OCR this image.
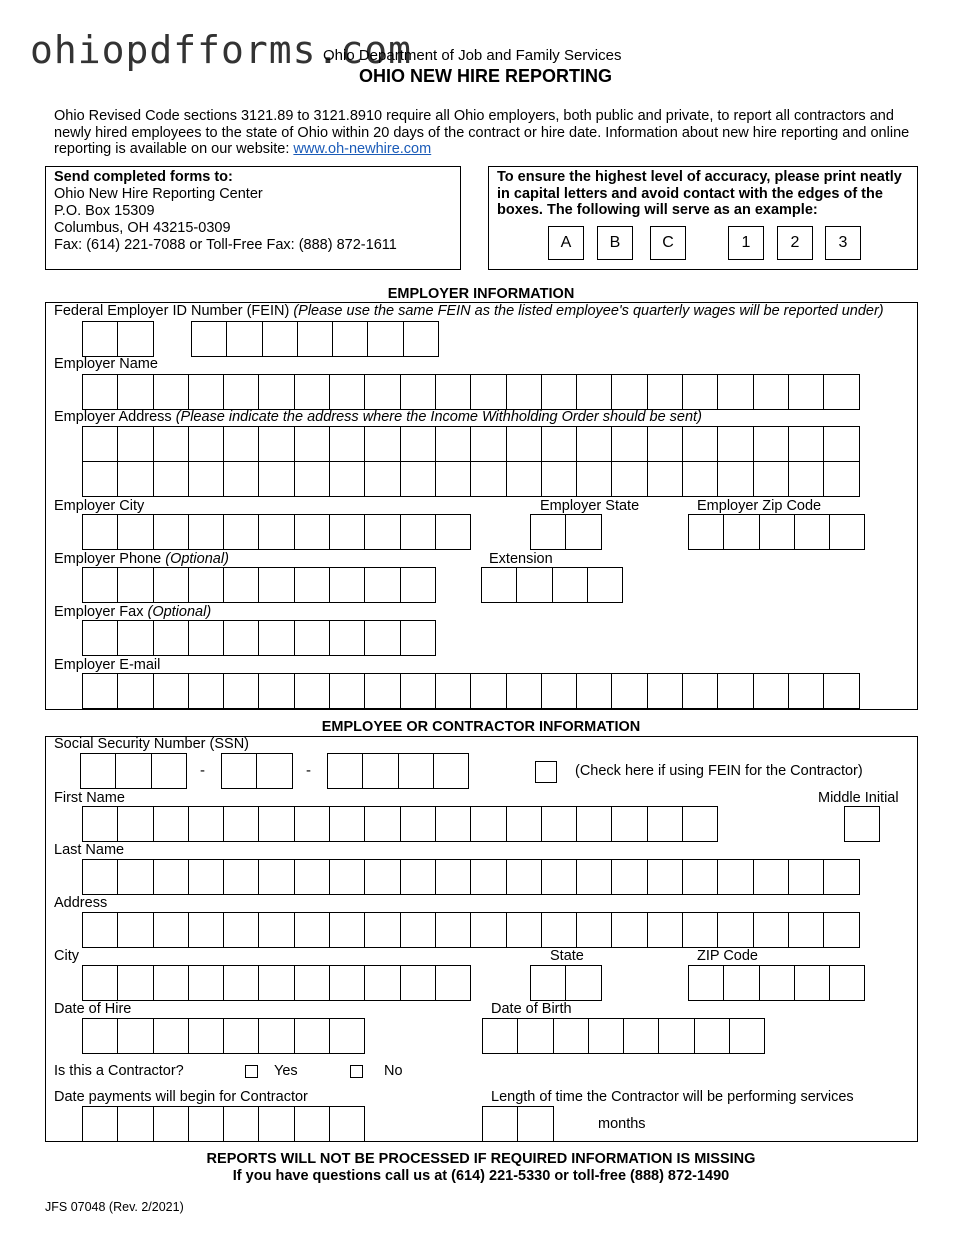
ohiopdfforms.com
Ohio Department of Job and Family Services
OHIO NEW HIRE REPORTING
Ohio Revised Code sections 3121.89 to 3121.8910 require all Ohio employers, both public and private, to report all contractors and newly hired employees to the state of Ohio within 20 days of the contract or hire date. Information about new hire reporting and online reporting is available on our website: www.oh-newhire.com
Send completed forms to:
Ohio New Hire Reporting Center
P.O. Box 15309
Columbus, OH 43215-0309
Fax: (614) 221-7088 or Toll-Free Fax: (888) 872-1611
To ensure the highest level of accuracy, please print neatly in capital letters and avoid contact with the edges of the boxes. The following will serve as an example:
A	B	C	1	2	3
EMPLOYER INFORMATION
Federal Employer ID Number (FEIN) (Please use the same FEIN as the listed employee's quarterly wages will be reported under)
Employer Name
Employer Address (Please indicate the address where the Income Withholding Order should be sent)
Employer City	Employer State	Employer Zip Code
Employer Phone (Optional)	Extension
Employer Fax (Optional)
Employer E-mail
EMPLOYEE OR CONTRACTOR INFORMATION
Social Security Number (SSN)
-	-	(Check here if using FEIN for the Contractor)
First Name	Middle Initial
Last Name
Address
City	State	ZIP Code
Date of Hire	Date of Birth
Is this a Contractor?	Yes	No
Date payments will begin for Contractor	Length of time the Contractor will be performing services
months
REPORTS WILL NOT BE PROCESSED IF REQUIRED INFORMATION IS MISSING
If you have questions call us at (614) 221-5330 or toll-free (888) 872-1490
JFS 07048 (Rev. 2/2021)
